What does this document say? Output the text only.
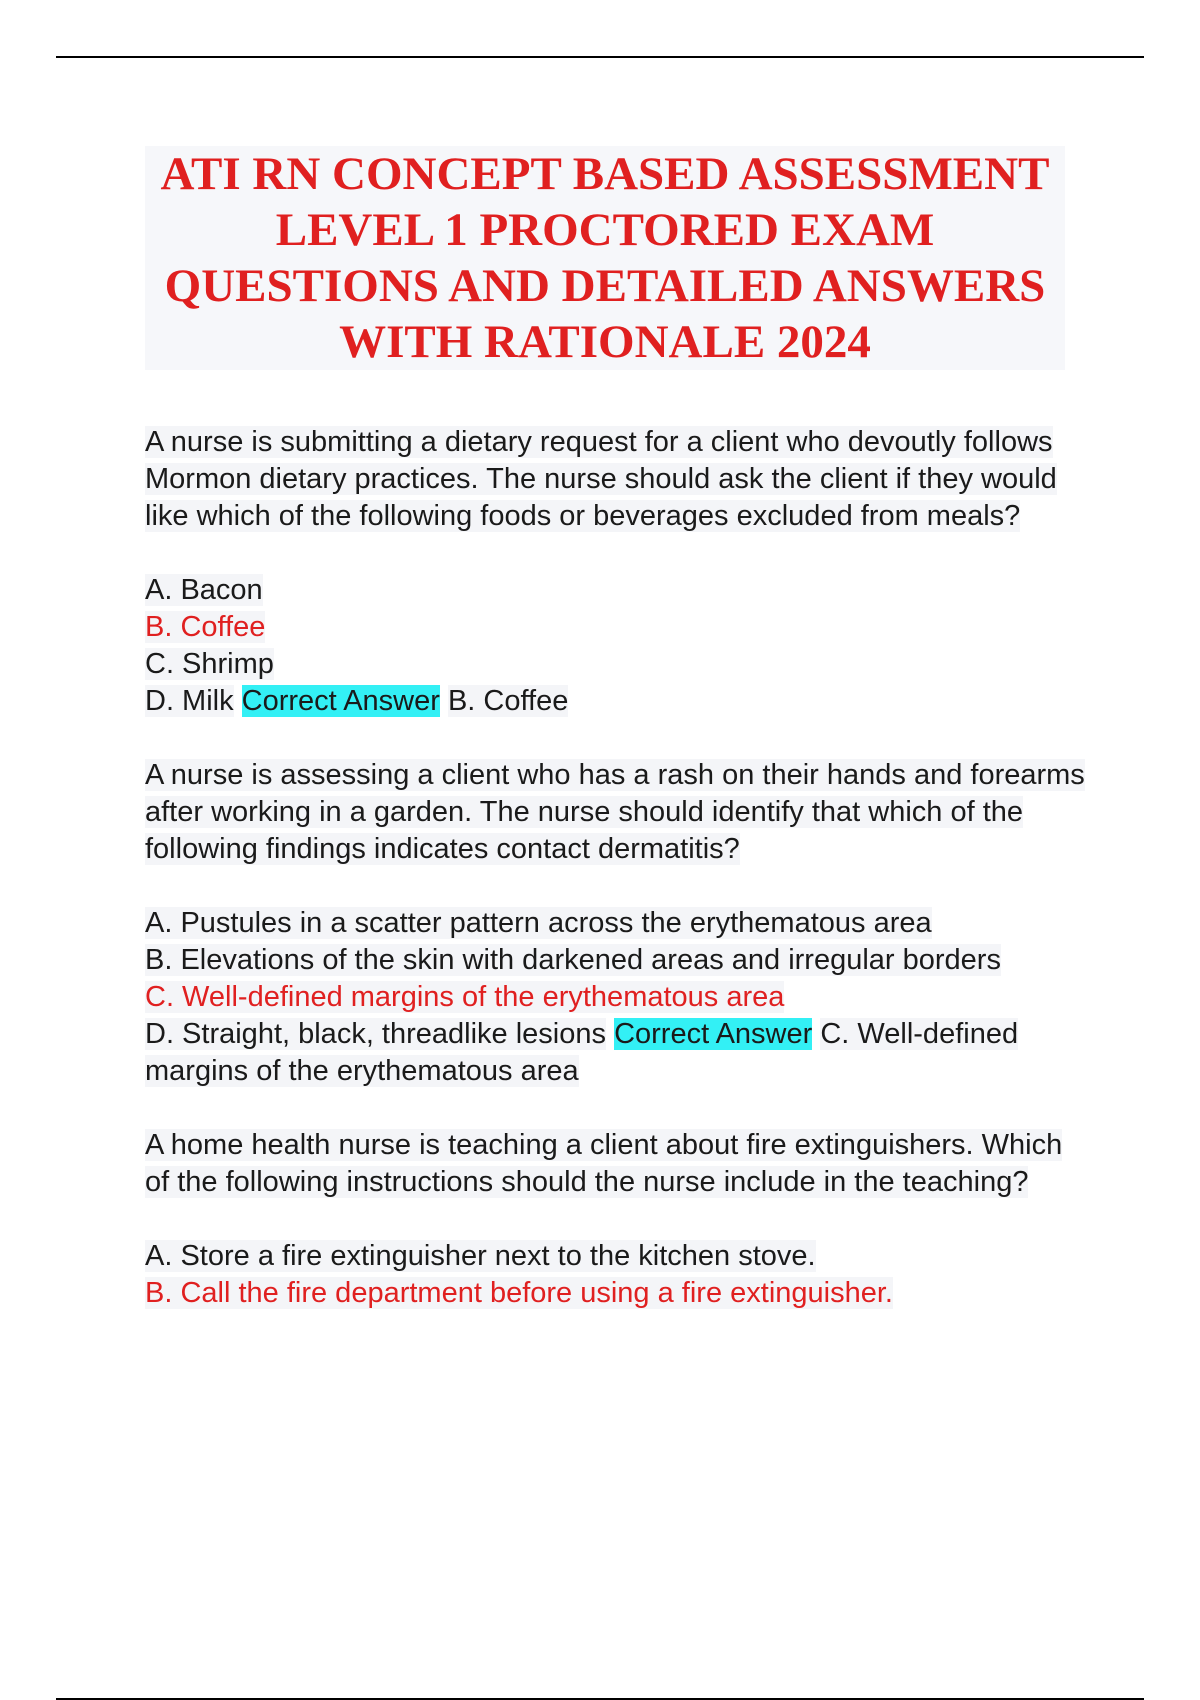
ATI RN CONCEPT BASED ASSESSMENT LEVEL 1 PROCTORED EXAM QUESTIONS AND DETAILED ANSWERS WITH RATIONALE 2024

A nurse is submitting a dietary request for a client who devoutly follows Mormon dietary practices. The nurse should ask the client if they would like which of the following foods or beverages excluded from meals?

A. Bacon
B. Coffee
C. Shrimp
D. Milk Correct Answer B. Coffee

A nurse is assessing a client who has a rash on their hands and forearms after working in a garden. The nurse should identify that which of the following findings indicates contact dermatitis?

A. Pustules in a scatter pattern across the erythematous area
B. Elevations of the skin with darkened areas and irregular borders
C. Well-defined margins of the erythematous area
D. Straight, black, threadlike lesions Correct Answer C. Well-defined margins of the erythematous area

A home health nurse is teaching a client about fire extinguishers. Which of the following instructions should the nurse include in the teaching?

A. Store a fire extinguisher next to the kitchen stove.
B. Call the fire department before using a fire extinguisher.
